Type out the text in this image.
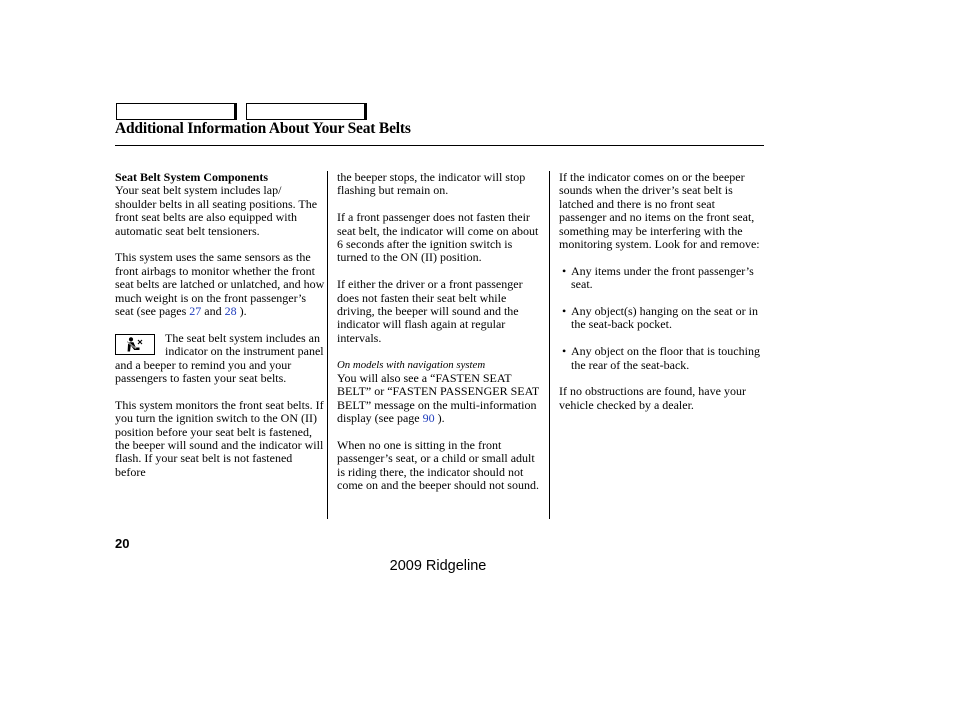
Additional Information About Your Seat Belts
Seat Belt System Components

Your seat belt system includes lap/ shoulder belts in all seating positions. The front seat belts are also equipped with automatic seat belt tensioners.

This system uses the same sensors as the front airbags to monitor whether the front seat belts are latched or unlatched, and how much weight is on the front passenger’s seat (see pages 27 and 28 ).

The seat belt system includes an indicator on the instrument panel and a beeper to remind you and your passengers to fasten your seat belts.

This system monitors the front seat belts. If you turn the ignition switch to the ON (II) position before your seat belt is fastened, the beeper will sound and the indicator will flash. If your seat belt is not fastened before

the beeper stops, the indicator will stop flashing but remain on.

If a front passenger does not fasten their seat belt, the indicator will come on about 6 seconds after the ignition switch is turned to the ON (II) position.

If either the driver or a front passenger does not fasten their seat belt while driving, the beeper will sound and the indicator will flash again at regular intervals.

On models with navigation system

You will also see a “FASTEN SEAT BELT” or “FASTEN PASSENGER SEAT BELT” message on the multi-information display (see page 90 ).

When no one is sitting in the front passenger’s seat, or a child or small adult is riding there, the indicator should not come on and the beeper should not sound.

If the indicator comes on or the beeper sounds when the driver’s seat belt is latched and there is no front seat passenger and no items on the front seat, something may be interfering with the monitoring system. Look for and remove:

• Any items under the front passenger’s seat.
• Any object(s) hanging on the seat or in the seat-back pocket.
• Any object on the floor that is touching the rear of the seat-back.

If no obstructions are found, have your vehicle checked by a dealer.

20
2009 Ridgeline
